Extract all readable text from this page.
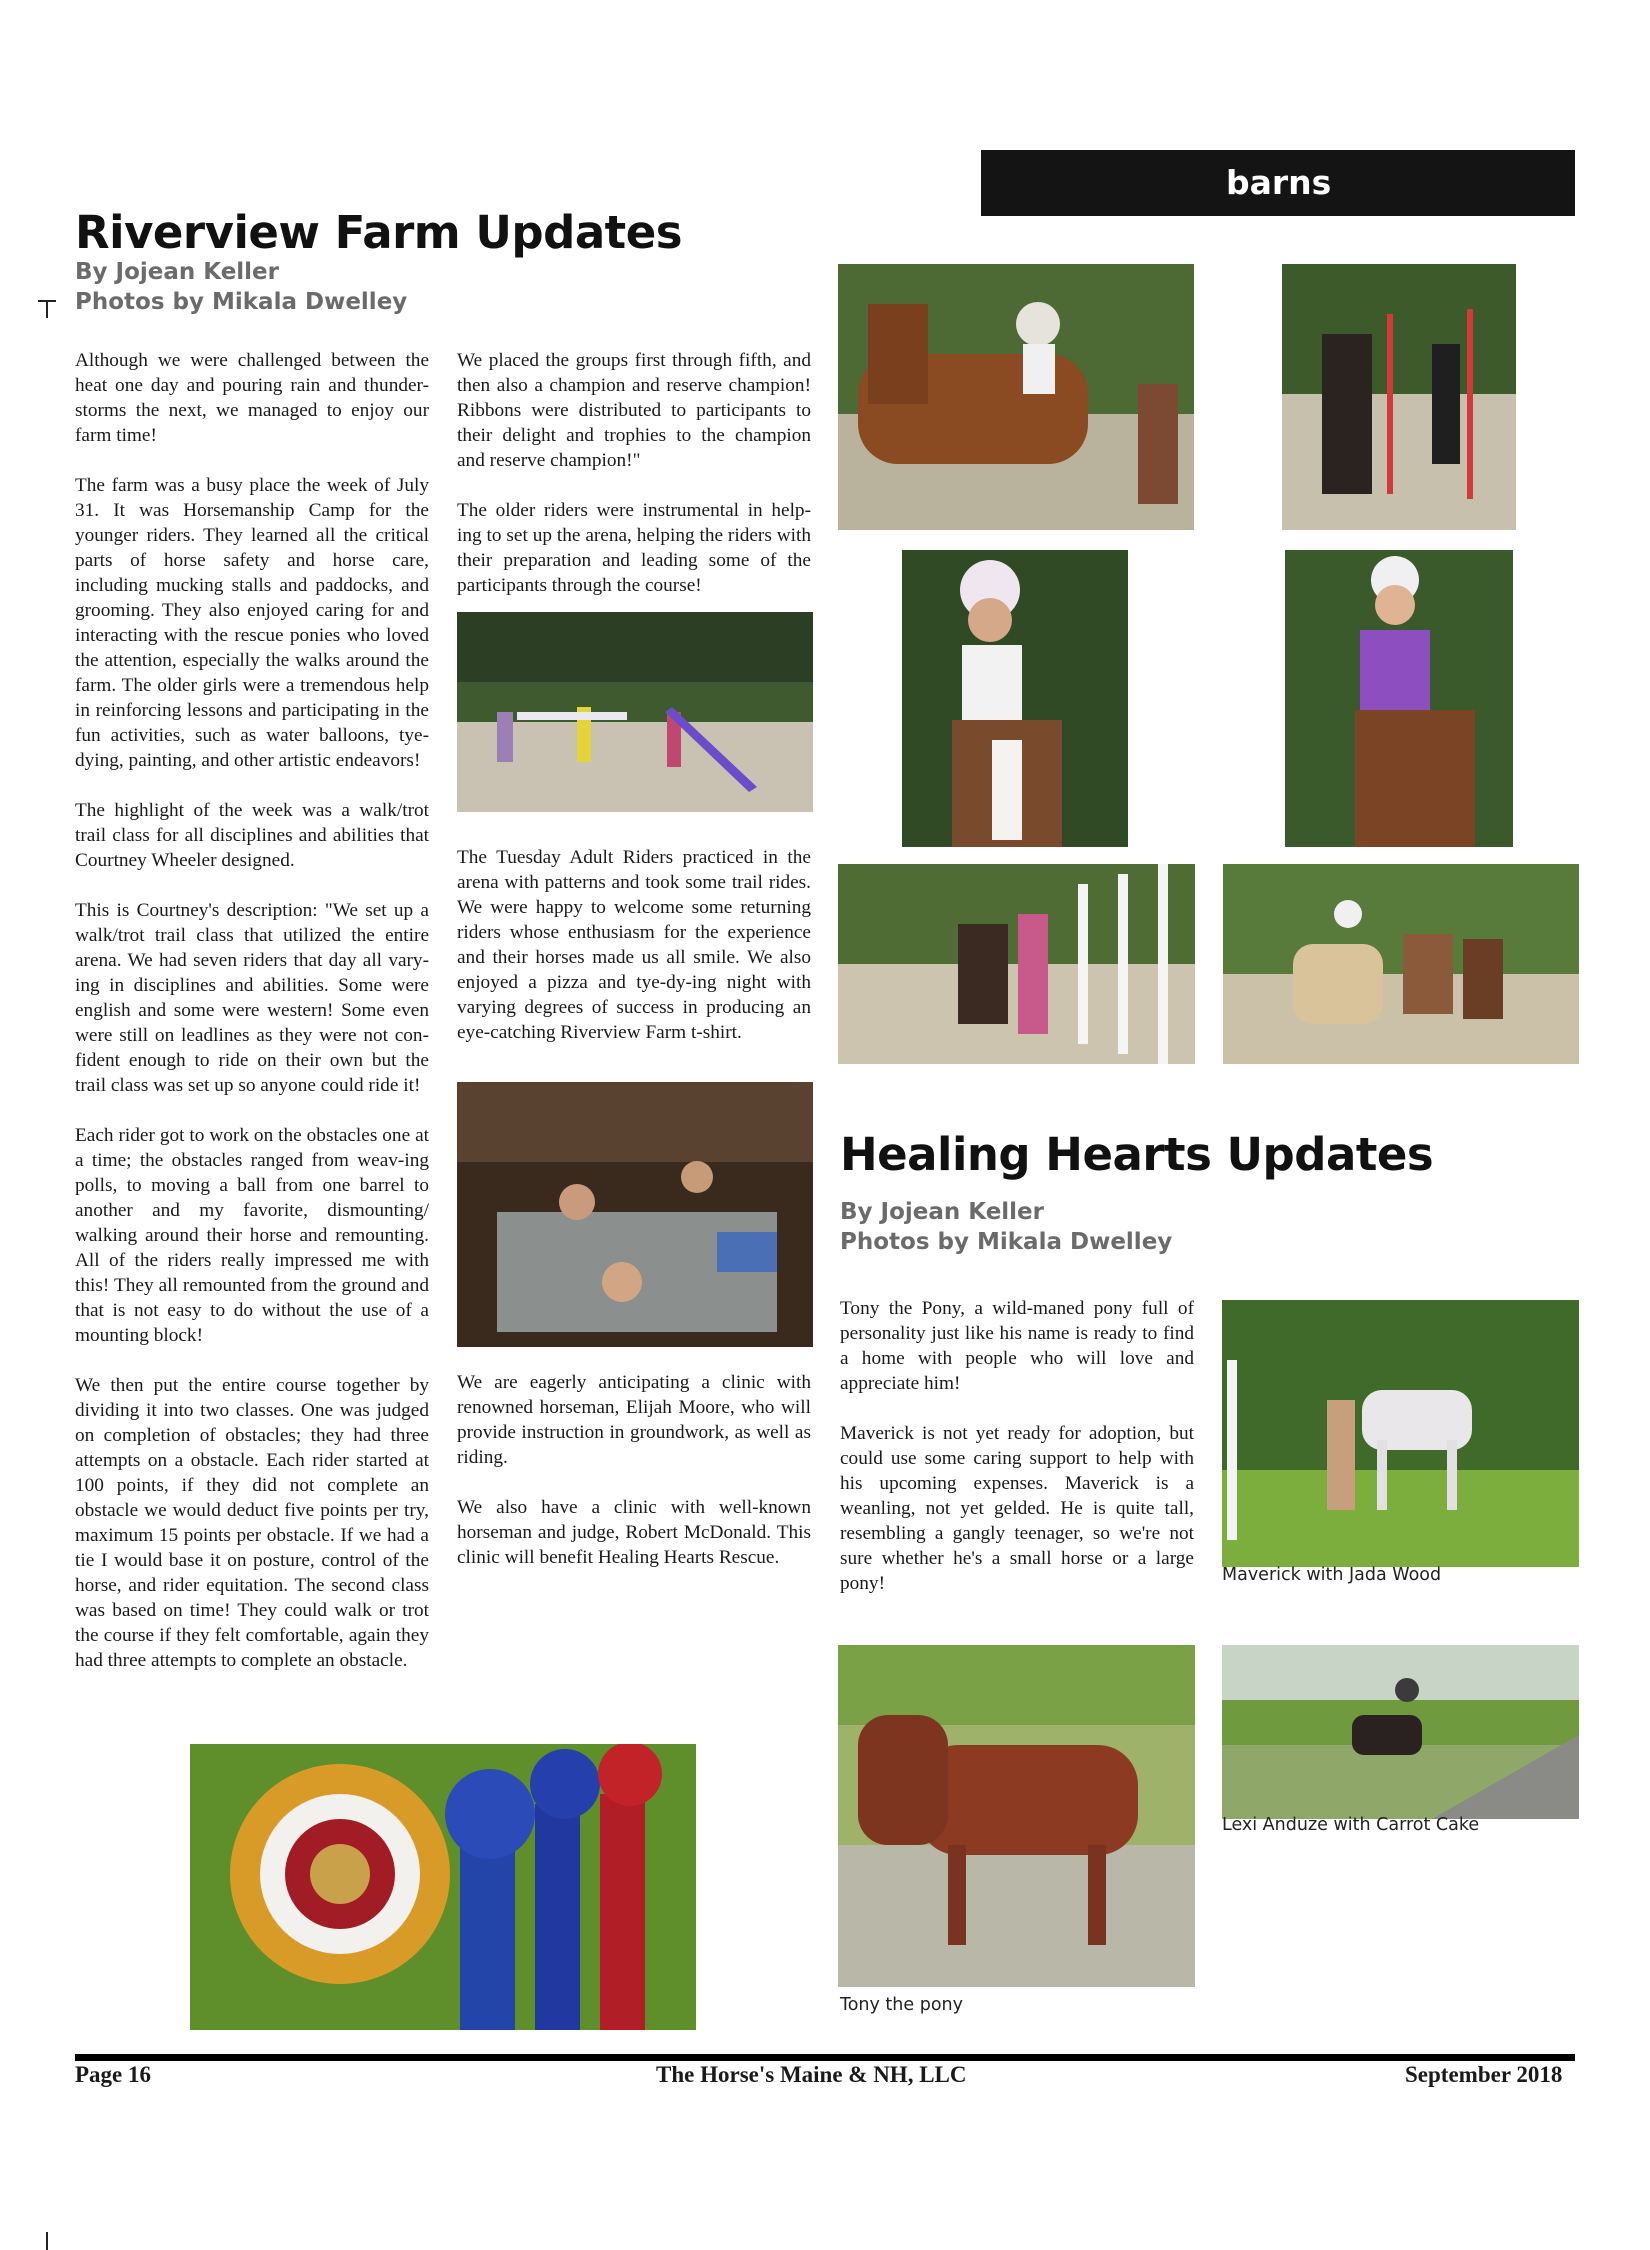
barns
Riverview Farm Updates
By Jojean Keller
Photos by Mikala Dwelley

Although we were challenged between the heat one day and pouring rain and thunder-storms the next, we managed to enjoy our farm time!

The farm was a busy place the week of July 31. It was Horsemanship Camp for the younger riders. They learned all the critical parts of horse safety and horse care, including mucking stalls and paddocks, and grooming. They also enjoyed caring for and interacting with the rescue ponies who loved the attention, especially the walks around the farm. The older girls were a tremendous help in reinforcing lessons and participating in the fun activities, such as water balloons, tye-dying, painting, and other artistic endeavors!

The highlight of the week was a walk/trot trail class for all disciplines and abilities that Courtney Wheeler designed.

This is Courtney's description: "We set up a walk/trot trail class that utilized the entire arena. We had seven riders that day all vary-ing in disciplines and abilities. Some were english and some were western! Some even were still on leadlines as they were not con-fident enough to ride on their own but the trail class was set up so anyone could ride it!

Each rider got to work on the obstacles one at a time; the obstacles ranged from weav-ing polls, to moving a ball from one barrel to another and my favorite, dismounting/ walking around their horse and remounting. All of the riders really impressed me with this! They all remounted from the ground and that is not easy to do without the use of a mounting block!

We then put the entire course together by dividing it into two classes. One was judged on completion of obstacles; they had three attempts on a obstacle. Each rider started at 100 points, if they did not complete an obstacle we would deduct five points per try, maximum 15 points per obstacle. If we had a tie I would base it on posture, control of the horse, and rider equitation. The second class was based on time! They could walk or trot the course if they felt comfortable, again they had three attempts to complete an obstacle.

We placed the groups first through fifth, and then also a champion and reserve champion! Ribbons were distributed to participants to their delight and trophies to the champion and reserve champion!"

The older riders were instrumental in help-ing to set up the arena, helping the riders with their preparation and leading some of the participants through the course!

The Tuesday Adult Riders practiced in the arena with patterns and took some trail rides. We were happy to welcome some returning riders whose enthusiasm for the experience and their horses made us all smile. We also enjoyed a pizza and tye-dy-ing night with varying degrees of success in producing an eye-catching Riverview Farm t-shirt.

We are eagerly anticipating a clinic with renowned horseman, Elijah Moore, who will provide instruction in groundwork, as well as riding.

We also have a clinic with well-known horseman and judge, Robert McDonald. This clinic will benefit Healing Hearts Rescue.

Healing Hearts Updates
By Jojean Keller
Photos by Mikala Dwelley

Tony the Pony, a wild-maned pony full of personality just like his name is ready to find a home with people who will love and appreciate him!

Maverick is not yet ready for adoption, but could use some caring support to help with his upcoming expenses. Maverick is a weanling, not yet gelded. He is quite tall, resembling a gangly teenager, so we're not sure whether he's a small horse or a large pony!	Maverick with Jada Wood
Tony the pony
Lexi Anduze with Carrot Cake
Page 16	The Horse's Maine & NH, LLC	September 2018
